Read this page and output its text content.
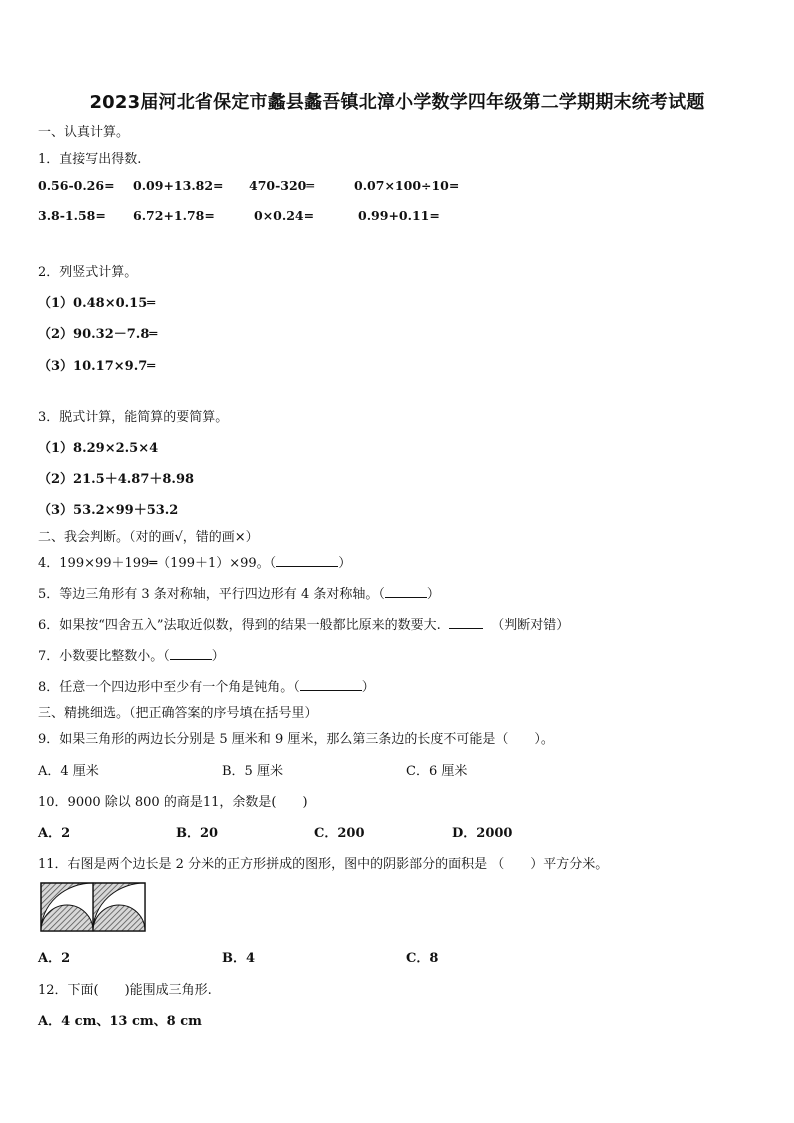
2023届河北省保定市蠡县蠡吾镇北漳小学数学四年级第二学期期末统考试题
一、认真计算。
1．直接写出得数.
0.56-0.26= 0.09+13.82= 470-320═	0.07×100÷10=
3.8-1.58= 6.72+1.78=	0×0.24=	0.99+0.11=
2．列竖式计算。
（1）0.48×0.15═
（2）90.32－7.8═
（3）10.17×9.7═
3．脱式计算，能简算的要简算。
（1）8.29×2.5×4
（2）21.5＋4.87＋8.98
（3）53.2×99＋53.2
二、我会判断。（对的画√，错的画×）
4．199×99＋199═（199＋1）×99。（	）
5．等边三角形有 3 条对称轴，平行四边形有 4 条对称轴。（	）
6．如果按“四舍五入”法取近似数，得到的结果一般都比原来的数要大.	（判断对错）
7．小数要比整数小。（	）
8．任意一个四边形中至少有一个角是钝角。（	）
三、精挑细选。（把正确答案的序号填在括号里）
9．如果三角形的两边长分别是 5 厘米和 9 厘米，那么第三条边的长度不可能是（　　）。
A．4 厘米	B．5 厘米	C．6 厘米
10．9000 除以 800 的商是11，余数是(　　)
A．2	B．20	C．200	D．2000
11．右图是两个边长是 2 分米的正方形拼成的图形，图中的阴影部分的面积是 （　　）平方分米。
A．2	B．4	C．8
12．下面(　　)能围成三角形.
A．4 cm、13 cm、8 cm
